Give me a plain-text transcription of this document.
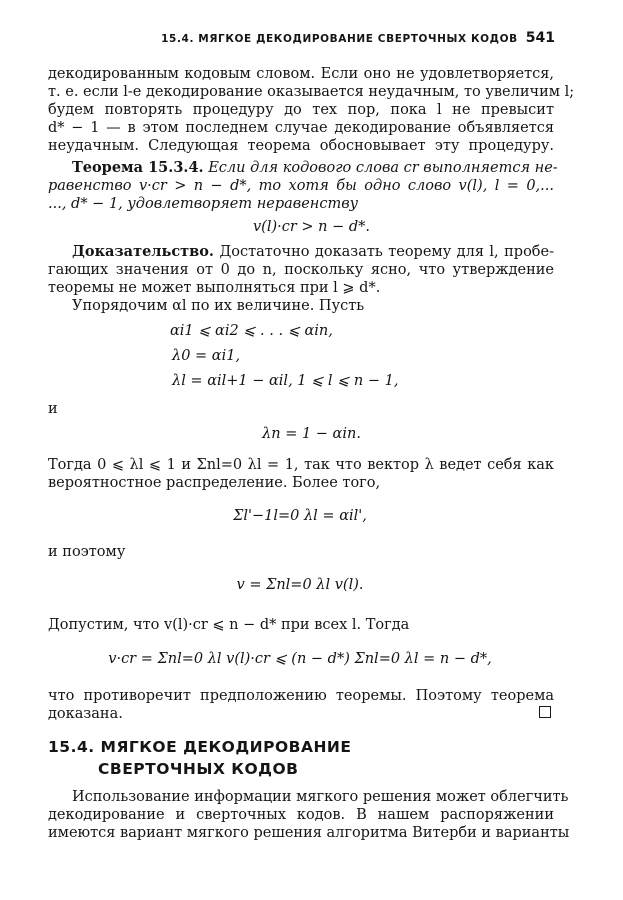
15.4. МЯГКОЕ ДЕКОДИРОВАНИЕ СВЕРТОЧНЫХ КОДОВ 541
декодированным кодовым словом. Если оно не удовлетворяется,
т. е. если l-е декодирование оказывается неудачным, то увеличим l;
будем повторять процедуру до тех пор, пока l не превысит
d* − 1 — в этом последнем случае декодирование объявляется
неудачным. Следующая теорема обосновывает эту процедуру.
Теорема 15.3.4. Если для кодового слова cr выполняется не-
равенство v·cr > n − d*, то хотя бы одно слово v(l), l = 0,...
..., d* − 1, удовлетворяет неравенству
v(l)·cr > n − d*.
Доказательство. Достаточно доказать теорему для l, пробе-
гающих значения от 0 до n, поскольку ясно, что утверждение
теоремы не может выполняться при l ⩾ d*.
Упорядочим αl по их величине. Пусть
αi1 ⩽ αi2 ⩽ . . . ⩽ αin,
λ0 = αi1,
λl = αil+1 − αil, 1 ⩽ l ⩽ n − 1,
и
λn = 1 − αin.
Тогда 0 ⩽ λl ⩽ 1 и Σnl=0 λl = 1, так что вектор λ ведет себя как
вероятностное распределение. Более того,
Σl'−1l=0 λl = αil',
и поэтому
v = Σnl=0 λl v(l).
Допустим, что v(l)·cr ⩽ n − d* при всех l. Тогда
v·cr = Σnl=0 λl v(l)·cr ⩽ (n − d*) Σnl=0 λl = n − d*,
что противоречит предположению теоремы. Поэтому теорема
доказана.
15.4. МЯГКОЕ ДЕКОДИРОВАНИЕ
СВЕРТОЧНЫХ КОДОВ
Использование информации мягкого решения может облегчить
декодирование и сверточных кодов. В нашем распоряжении
имеются вариант мягкого решения алгоритма Витерби и варианты
